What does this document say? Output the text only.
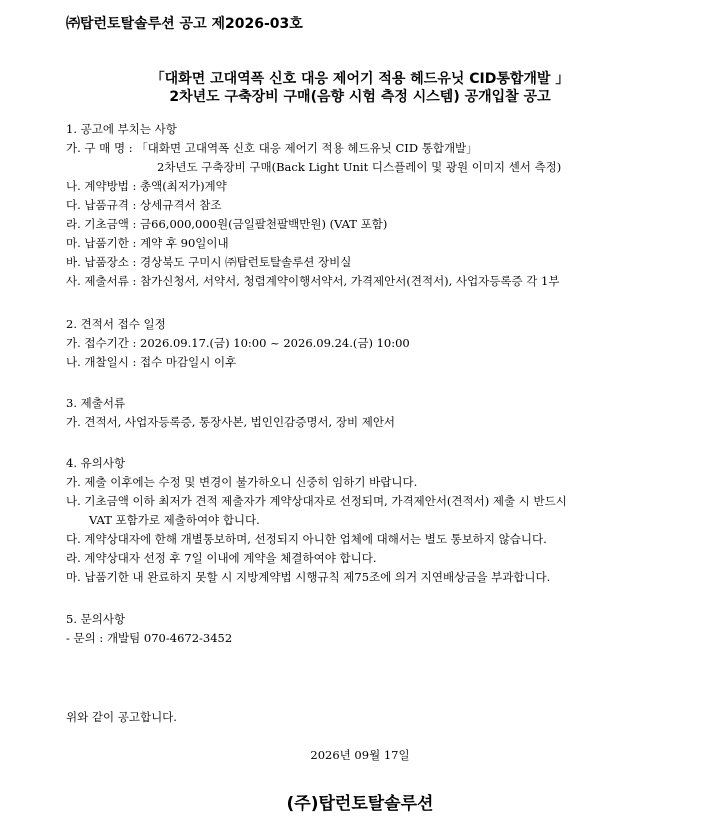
㈜탑런토탈솔루션 공고 제2026-03호
「대화면 고대역폭 신호 대응 제어기 적용 헤드유닛 CID통합개발 」
2차년도 구축장비 구매(음향 시험 측정 시스템) 공개입찰 공고
1. 공고에 부치는 사항
가. 구 매 명 : 「대화면 고대역폭 신호 대응 제어기 적용 헤드유닛 CID 통합개발」
2차년도 구축장비 구매(Back Light Unit 디스플레이 및 광원 이미지 센서 측정)
나. 계약방법 : 총액(최저가)계약
다. 납품규격 : 상세규격서 참조
라. 기초금액 : 금66,000,000원(금일팔천팔백만원) (VAT 포함)
마. 납품기한 : 계약 후 90일이내
바. 납품장소 : 경상북도 구미시 ㈜탑런토탈솔루션 장비실
사. 제출서류 : 참가신청서, 서약서, 청렴계약이행서약서, 가격제안서(견적서), 사업자등록증 각 1부
2. 견적서 접수 일정
가. 접수기간 : 2026.09.17.(금) 10:00 ~ 2026.09.24.(금) 10:00
나. 개찰일시 : 접수 마감일시 이후
3. 제출서류
가. 견적서, 사업자등록증, 통장사본, 법인인감증명서, 장비 제안서
4. 유의사항
가. 제출 이후에는 수정 및 변경이 불가하오니 신중히 임하기 바랍니다.
나. 기초금액 이하 최저가 견적 제출자가 계약상대자로 선정되며, 가격제안서(견적서) 제출 시 반드시
VAT 포함가로 제출하여야 합니다.
다. 계약상대자에 한해 개별통보하며, 선정되지 아니한 업체에 대해서는 별도 통보하지 않습니다.
라. 계약상대자 선정 후 7일 이내에 계약을 체결하여야 합니다.
마. 납품기한 내 완료하지 못할 시 지방계약법 시행규칙 제75조에 의거 지연배상금을 부과합니다.
5. 문의사항
- 문의 : 개발팀 070-4672-3452
위와 같이 공고합니다.
2026년 09월 17일
(주)탑런토탈솔루션
